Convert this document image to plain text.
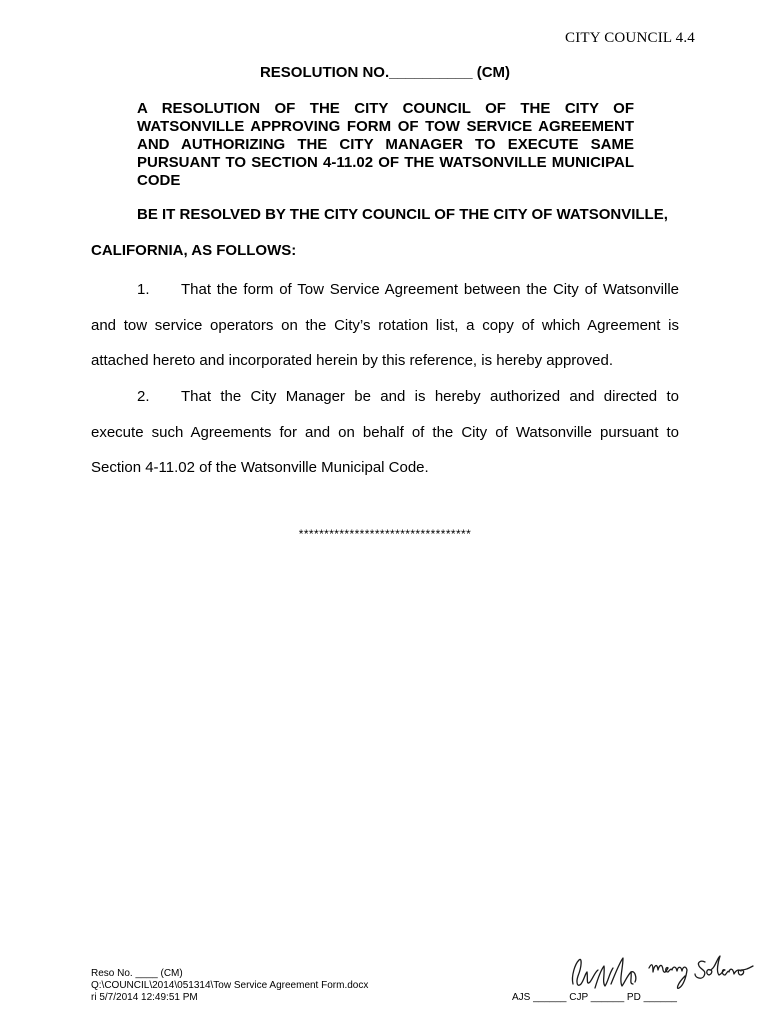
CITY COUNCIL 4.4
RESOLUTION NO.__________ (CM)
A RESOLUTION OF THE CITY COUNCIL OF THE CITY OF WATSONVILLE APPROVING FORM OF TOW SERVICE AGREEMENT AND AUTHORIZING THE CITY MANAGER TO EXECUTE SAME PURSUANT TO SECTION 4-11.02 OF THE WATSONVILLE MUNICIPAL CODE
BE IT RESOLVED BY THE CITY COUNCIL OF THE CITY OF WATSONVILLE,
CALIFORNIA, AS FOLLOWS:
1. That the form of Tow Service Agreement between the City of Watsonville
and tow service operators on the City’s rotation list, a copy of which Agreement is
attached hereto and incorporated herein by this reference, is hereby approved.
2. That the City Manager be and is hereby authorized and directed to
execute such Agreements for and on behalf of the City of Watsonville pursuant to
Section 4-11.02 of the Watsonville Municipal Code.
**********************************
Reso No. ____ (CM)
Q:\COUNCIL\2014\051314\Tow Service Agreement Form.docx
ri 5/7/2014 12:49:51 PM	AJS ______ CJP ______ PD ______
